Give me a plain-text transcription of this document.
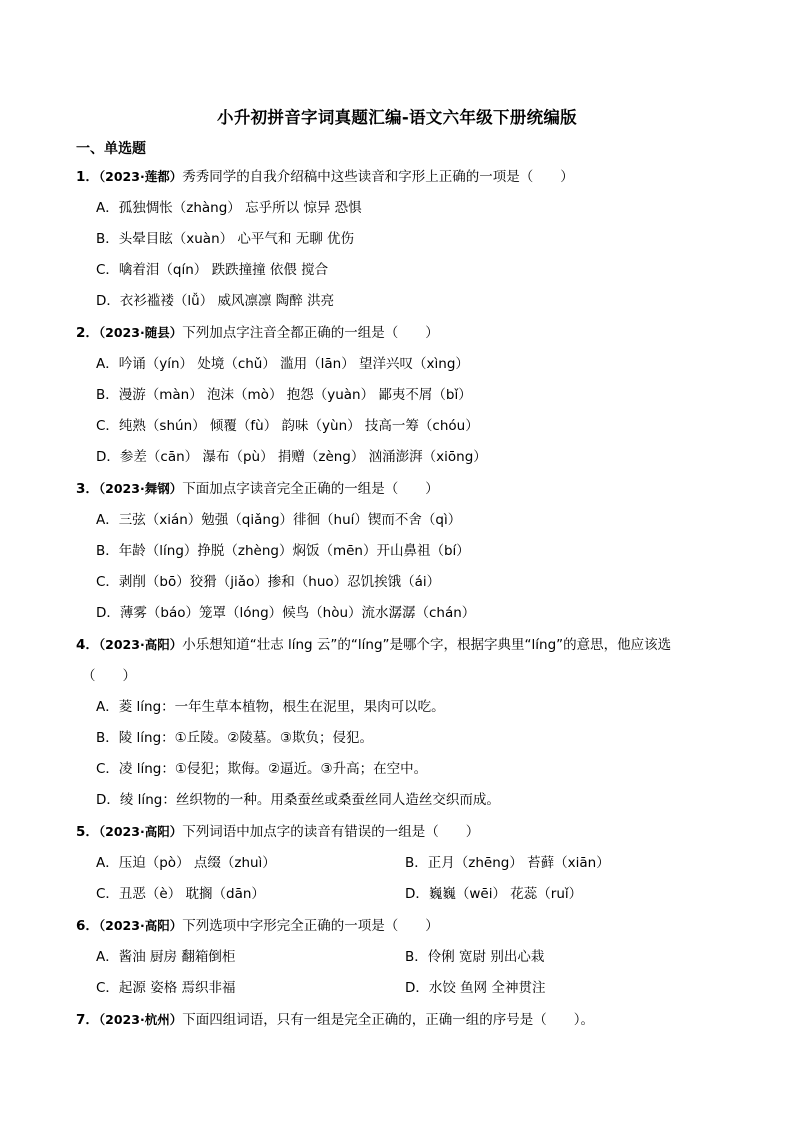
小升初拼音字词真题汇编-语文六年级下册统编版
一、单选题
1．（2023·莲都）秀秀同学的自我介绍稿中这些读音和字形上正确的一项是（　　）
A．孤独惆怅（zhàng） 忘乎所以 惊异 恐惧
B．头晕目眩（xuàn） 心平气和 无聊 优伤
C．噙着泪（qín） 跌跌撞撞 依偎 搅合
D．衣衫褴褛（lǚ） 威风凛凛 陶醉 洪亮
2．（2023·随县）下列加点字注音全都正确的一组是（　　）
A．吟诵（yín） 处境（chǔ） 滥用（lān） 望洋兴叹（xìng）
B．漫游（màn） 泡沫（mò） 抱怨（yuàn） 鄙夷不屑（bǐ）
C．纯熟（shún） 倾覆（fù） 韵味（yùn） 技高一筹（chóu）
D．参差（cān） 瀑布（pù） 捐赠（zèng） 汹涌澎湃（xiōng）
3．（2023·舞钢）下面加点字读音完全正确的一组是（　　）
A．三弦（xián）勉强（qiǎng）徘徊（huí）锲而不舍（qì）
B．年龄（líng）挣脱（zhèng）焖饭（mēn）开山鼻祖（bí）
C．剥削（bō）狡猾（jiǎo）掺和（huo）忍饥挨饿（ái）
D．薄雾（báo）笼罩（lóng）候鸟（hòu）流水潺潺（chán）
4．（2023·高阳）小乐想知道“壮志 líng 云”的“líng”是哪个字，根据字典里“líng”的意思，他应该选
（　　）
A．菱 líng：一年生草本植物，根生在泥里，果肉可以吃。
B．陵 líng：①丘陵。②陵墓。③欺负；侵犯。
C．凌 líng：①侵犯；欺侮。②逼近。③升高；在空中。
D．绫 líng：丝织物的一种。用桑蚕丝或桑蚕丝同人造丝交织而成。
5．（2023·高阳）下列词语中加点字的读音有错误的一组是（　　）
A．压迫（pò） 点缀（zhuì）	B．正月（zhēng） 苔藓（xiān）
C．丑恶（è） 耽搁（dān）	D．巍巍（wēi） 花蕊（ruǐ）
6．（2023·高阳）下列选项中字形完全正确的一项是（　　）
A．酱油 厨房 翻箱倒柜	B．伶俐 宽尉 别出心栽
C．起源 姿格 焉织非福	D．水饺 鱼网 全神贯注
7．（2023·杭州）下面四组词语，只有一组是完全正确的，正确一组的序号是（　　）。
